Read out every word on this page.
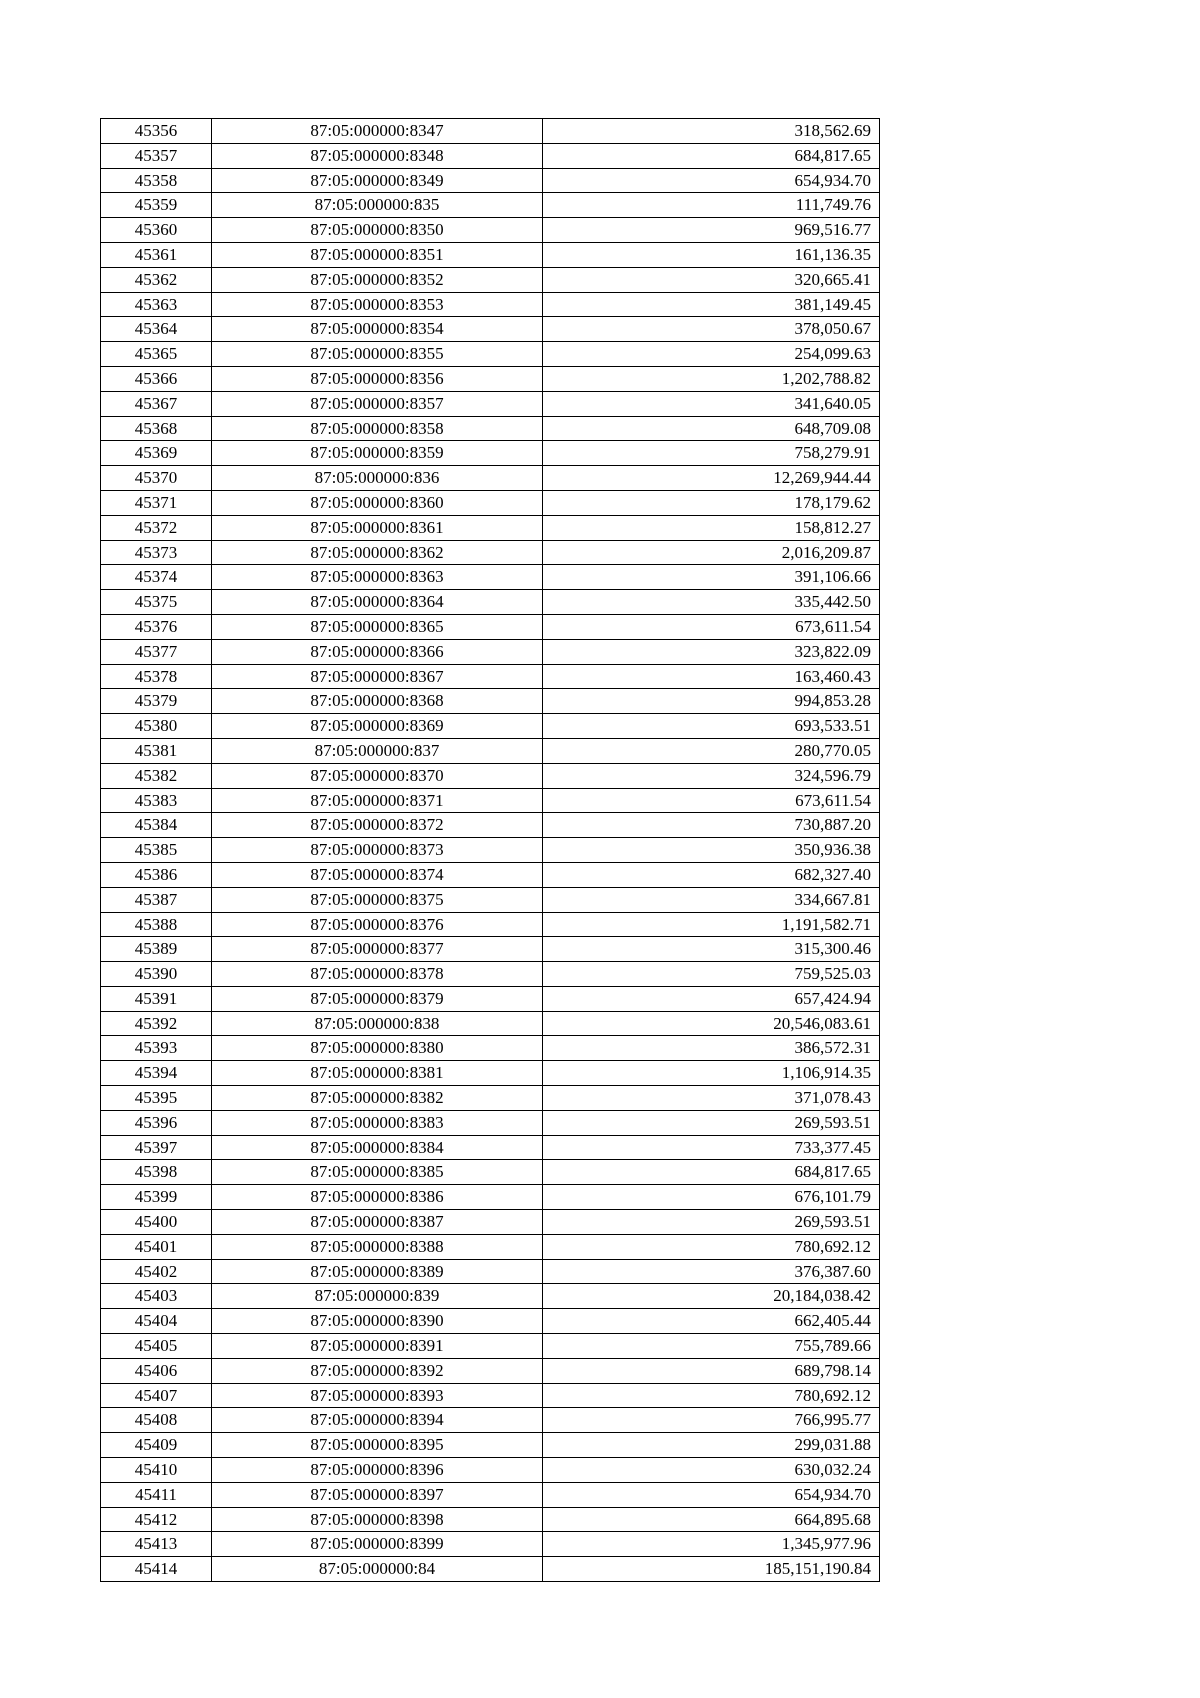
45356	87:05:000000:8347	318,562.69
45357	87:05:000000:8348	684,817.65
45358	87:05:000000:8349	654,934.70
45359	87:05:000000:835	111,749.76
45360	87:05:000000:8350	969,516.77
45361	87:05:000000:8351	161,136.35
45362	87:05:000000:8352	320,665.41
45363	87:05:000000:8353	381,149.45
45364	87:05:000000:8354	378,050.67
45365	87:05:000000:8355	254,099.63
45366	87:05:000000:8356	1,202,788.82
45367	87:05:000000:8357	341,640.05
45368	87:05:000000:8358	648,709.08
45369	87:05:000000:8359	758,279.91
45370	87:05:000000:836	12,269,944.44
45371	87:05:000000:8360	178,179.62
45372	87:05:000000:8361	158,812.27
45373	87:05:000000:8362	2,016,209.87
45374	87:05:000000:8363	391,106.66
45375	87:05:000000:8364	335,442.50
45376	87:05:000000:8365	673,611.54
45377	87:05:000000:8366	323,822.09
45378	87:05:000000:8367	163,460.43
45379	87:05:000000:8368	994,853.28
45380	87:05:000000:8369	693,533.51
45381	87:05:000000:837	280,770.05
45382	87:05:000000:8370	324,596.79
45383	87:05:000000:8371	673,611.54
45384	87:05:000000:8372	730,887.20
45385	87:05:000000:8373	350,936.38
45386	87:05:000000:8374	682,327.40
45387	87:05:000000:8375	334,667.81
45388	87:05:000000:8376	1,191,582.71
45389	87:05:000000:8377	315,300.46
45390	87:05:000000:8378	759,525.03
45391	87:05:000000:8379	657,424.94
45392	87:05:000000:838	20,546,083.61
45393	87:05:000000:8380	386,572.31
45394	87:05:000000:8381	1,106,914.35
45395	87:05:000000:8382	371,078.43
45396	87:05:000000:8383	269,593.51
45397	87:05:000000:8384	733,377.45
45398	87:05:000000:8385	684,817.65
45399	87:05:000000:8386	676,101.79
45400	87:05:000000:8387	269,593.51
45401	87:05:000000:8388	780,692.12
45402	87:05:000000:8389	376,387.60
45403	87:05:000000:839	20,184,038.42
45404	87:05:000000:8390	662,405.44
45405	87:05:000000:8391	755,789.66
45406	87:05:000000:8392	689,798.14
45407	87:05:000000:8393	780,692.12
45408	87:05:000000:8394	766,995.77
45409	87:05:000000:8395	299,031.88
45410	87:05:000000:8396	630,032.24
45411	87:05:000000:8397	654,934.70
45412	87:05:000000:8398	664,895.68
45413	87:05:000000:8399	1,345,977.96
45414	87:05:000000:84	185,151,190.84
